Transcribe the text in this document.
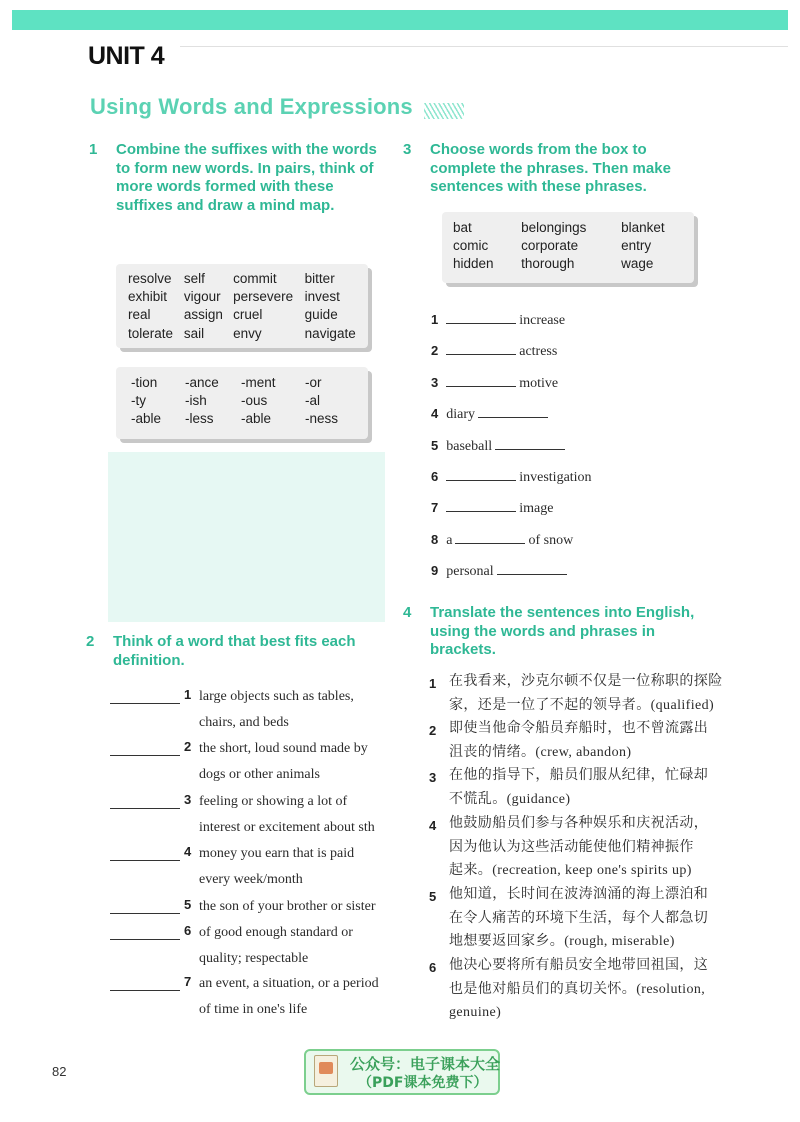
UNIT 4
Using Words and Expressions
1 Combine the suffixes with the words to form new words. In pairs, think of more words formed with these suffixes and draw a mind map.
resolve	self	commit	bitter
exhibit	vigour	persevere	invest
real	assign	cruel	guide
tolerate	sail	envy	navigate
-tion	-ance	-ment	-or
-ty	-ish	-ous	-al
-able	-less	-able	-ness
2 Think of a word that best fits each definition.
1 large objects such as tables,
chairs, and beds
2 the short, loud sound made by
dogs or other animals
3 feeling or showing a lot of
interest or excitement about sth
4 money you earn that is paid
every week/month
5 the son of your brother or sister
6 of good enough standard or
quality; respectable
7 an event, a situation, or a period
of time in one's life
3 Choose words from the box to complete the phrases. Then make sentences with these phrases.
bat	belongings	blanket
comic	corporate	entry
hidden	thorough	wage
1	increase
2	actress
3	motive
4 diary
5 baseball
6	investigation
7	image
8 a	of snow
9 personal
4 Translate the sentences into English, using the words and phrases in brackets.
1 在我看来，沙克尔顿不仅是一位称职的探险
家，还是一位了不起的领导者。(qualified)
2 即使当他命令船员弃船时，也不曾流露出
沮丧的情绪。(crew, abandon)
3 在他的指导下，船员们服从纪律，忙碌却
不慌乱。(guidance)
4 他鼓励船员们参与各种娱乐和庆祝活动，
因为他认为这些活动能使他们精神振作
起来。(recreation, keep one's spirits up)
5 他知道，长时间在波涛汹涌的海上漂泊和
在令人痛苦的环境下生活，每个人都急切
地想要返回家乡。(rough, miserable)
6 他决心要将所有船员安全地带回祖国，这
也是他对船员们的真切关怀。(resolution,
genuine)
82	公众号：电子课本大全
（PDF课本免费下）
